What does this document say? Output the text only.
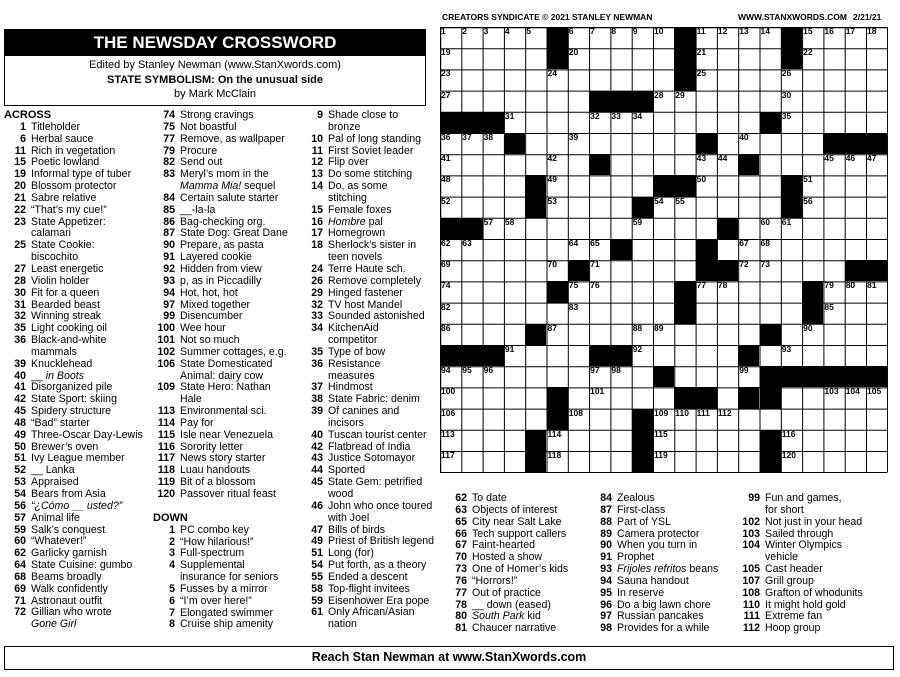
CREATORS SYNDICATE © 2021 STANLEY NEWMAN	WWW.STANXWORDS.COM 2/21/21
THE NEWSDAY CROSSWORD
Edited by Stanley Newman (www.StanXwords.com)
STATE SYMBOLISM: On the unusual side
by Mark McClain
ACROSS
1 Titleholder
6 Herbal sauce
11 Rich in vegetation
15 Poetic lowland
19 Informal type of tuber
20 Blossom protector
21 Sabre relative
22 “That’s my cue!”
23 State Appetizer:
calamari
25 State Cookie:
biscochito
27 Least energetic
28 Violin holder
30 Fit for a queen
31 Bearded beast
32 Winning streak
35 Light cooking oil
36 Black-and-white
mammals
39 Knucklehead
40 __ in Boots
41 Disorganized pile
42 State Sport: skiing
45 Spidery structure
48 “Bad” starter
49 Three-Oscar Day-Lewis
50 Brewer’s oven
51 Ivy League member
52 __ Lanka
53 Appraised
54 Bears from Asia
56 “¿Cómo __ usted?”
57 Animal life
59 Salk’s conquest
60 “Whatever!”
62 Garlicky garnish
64 State Cuisine: gumbo
68 Beams broadly
69 Walk confidently
71 Astronaut outfit
72 Gillian who wrote
Gone Girl
74 Strong cravings
75 Not boastful
77 Remove, as wallpaper
79 Procure
82 Send out
83 Meryl’s mom in the
Mamma Mia! sequel
84 Certain salute starter
85 __-la-la
86 Bag-checking org.
87 State Dog: Great Dane
90 Prepare, as pasta
91 Layered cookie
92 Hidden from view
93 p, as in Piccadilly
94 Hot, hot, hot
97 Mixed together
99 Disencumber
100 Wee hour
101 Not so much
102 Summer cottages, e.g.
106 State Domesticated
Animal: dairy cow
109 State Hero: Nathan
Hale
113 Environmental sci.
114 Pay for
115 Isle near Venezuela
116 Sorority letter
117 News story starter
118 Luau handouts
119 Bit of a blossom
120 Passover ritual feast
DOWN
1 PC combo key
2 “How hilarious!”
3 Full-spectrum
4 Supplemental
insurance for seniors
5 Fusses by a mirror
6 “I’m over here!”
7 Elongated swimmer
8 Cruise ship amenity
9 Shade close to
bronze
10 Pal of long standing
11 First Soviet leader
12 Flip over
13 Do some stitching
14 Do, as some
stitching
15 Female foxes
16 Hombre pal
17 Homegrown
18 Sherlock’s sister in
teen novels
24 Terre Haute sch.
26 Remove completely
29 Hinged fastener
32 TV host Mandel
33 Sounded astonished
34 KitchenAid
competitor
35 Type of bow
36 Resistance
measures
37 Hindmost
38 State Fabric: denim
39 Of canines and
incisors
40 Tuscan tourist center
42 Flatbread of India
43 Justice Sotomayor
44 Sported
45 State Gem: petrified
wood
46 John who once toured
with Joel
47 Bills of birds
49 Priest of British legend
51 Long (for)
54 Put forth, as a theory
55 Ended a descent
58 Top-flight invitees
59 Eisenhower Era pope
61 Only African/Asian
nation
62 To date
63 Objects of interest
65 City near Salt Lake
66 Tech support callers
67 Faint-hearted
70 Hosted a show
73 One of Homer’s kids
76 “Horrors!”
77 Out of practice
78 __ down (eased)
80 South Park kid
81 Chaucer narrative
84 Zealous
87 First-class
88 Part of YSL
89 Camera protector
90 When you turn in
91 Prophet
93 Frijoles refritos beans
94 Sauna handout
95 In reserve
96 Do a big lawn chore
97 Russian pancakes
98 Provides for a while
99 Fun and games,
for short
102 Not just in your head
103 Sailed through
104 Winter Olympics
vehicle
105 Cast header
107 Grill group
108 Grafton of whodunits
110 It might hold gold
111 Extreme fan
112 Hoop group
1 2 3 4 5	6 7 8 9 10	11 12 13 14	15 16 17 18
19	20	21	22
23	24	25	26
27	28 29	30
31	32 33 34	35
36 37 38	39	40
41	42	43 44	45 46 47
48	49	50	51
52	53	54 55	56
57 58	59	60 61
62 63	64 65 66	67 68
69	70	71	72 73
74	75 76	77 78	79 80 81
82	83	84	85
86	87	88 89	90
91	92	93
94 95 96	97 98	99
100	101	102	103 104 105
106	107 108	109 110 111 112
113	114	115	116
117	118	119	120
Reach Stan Newman at www.StanXwords.com
